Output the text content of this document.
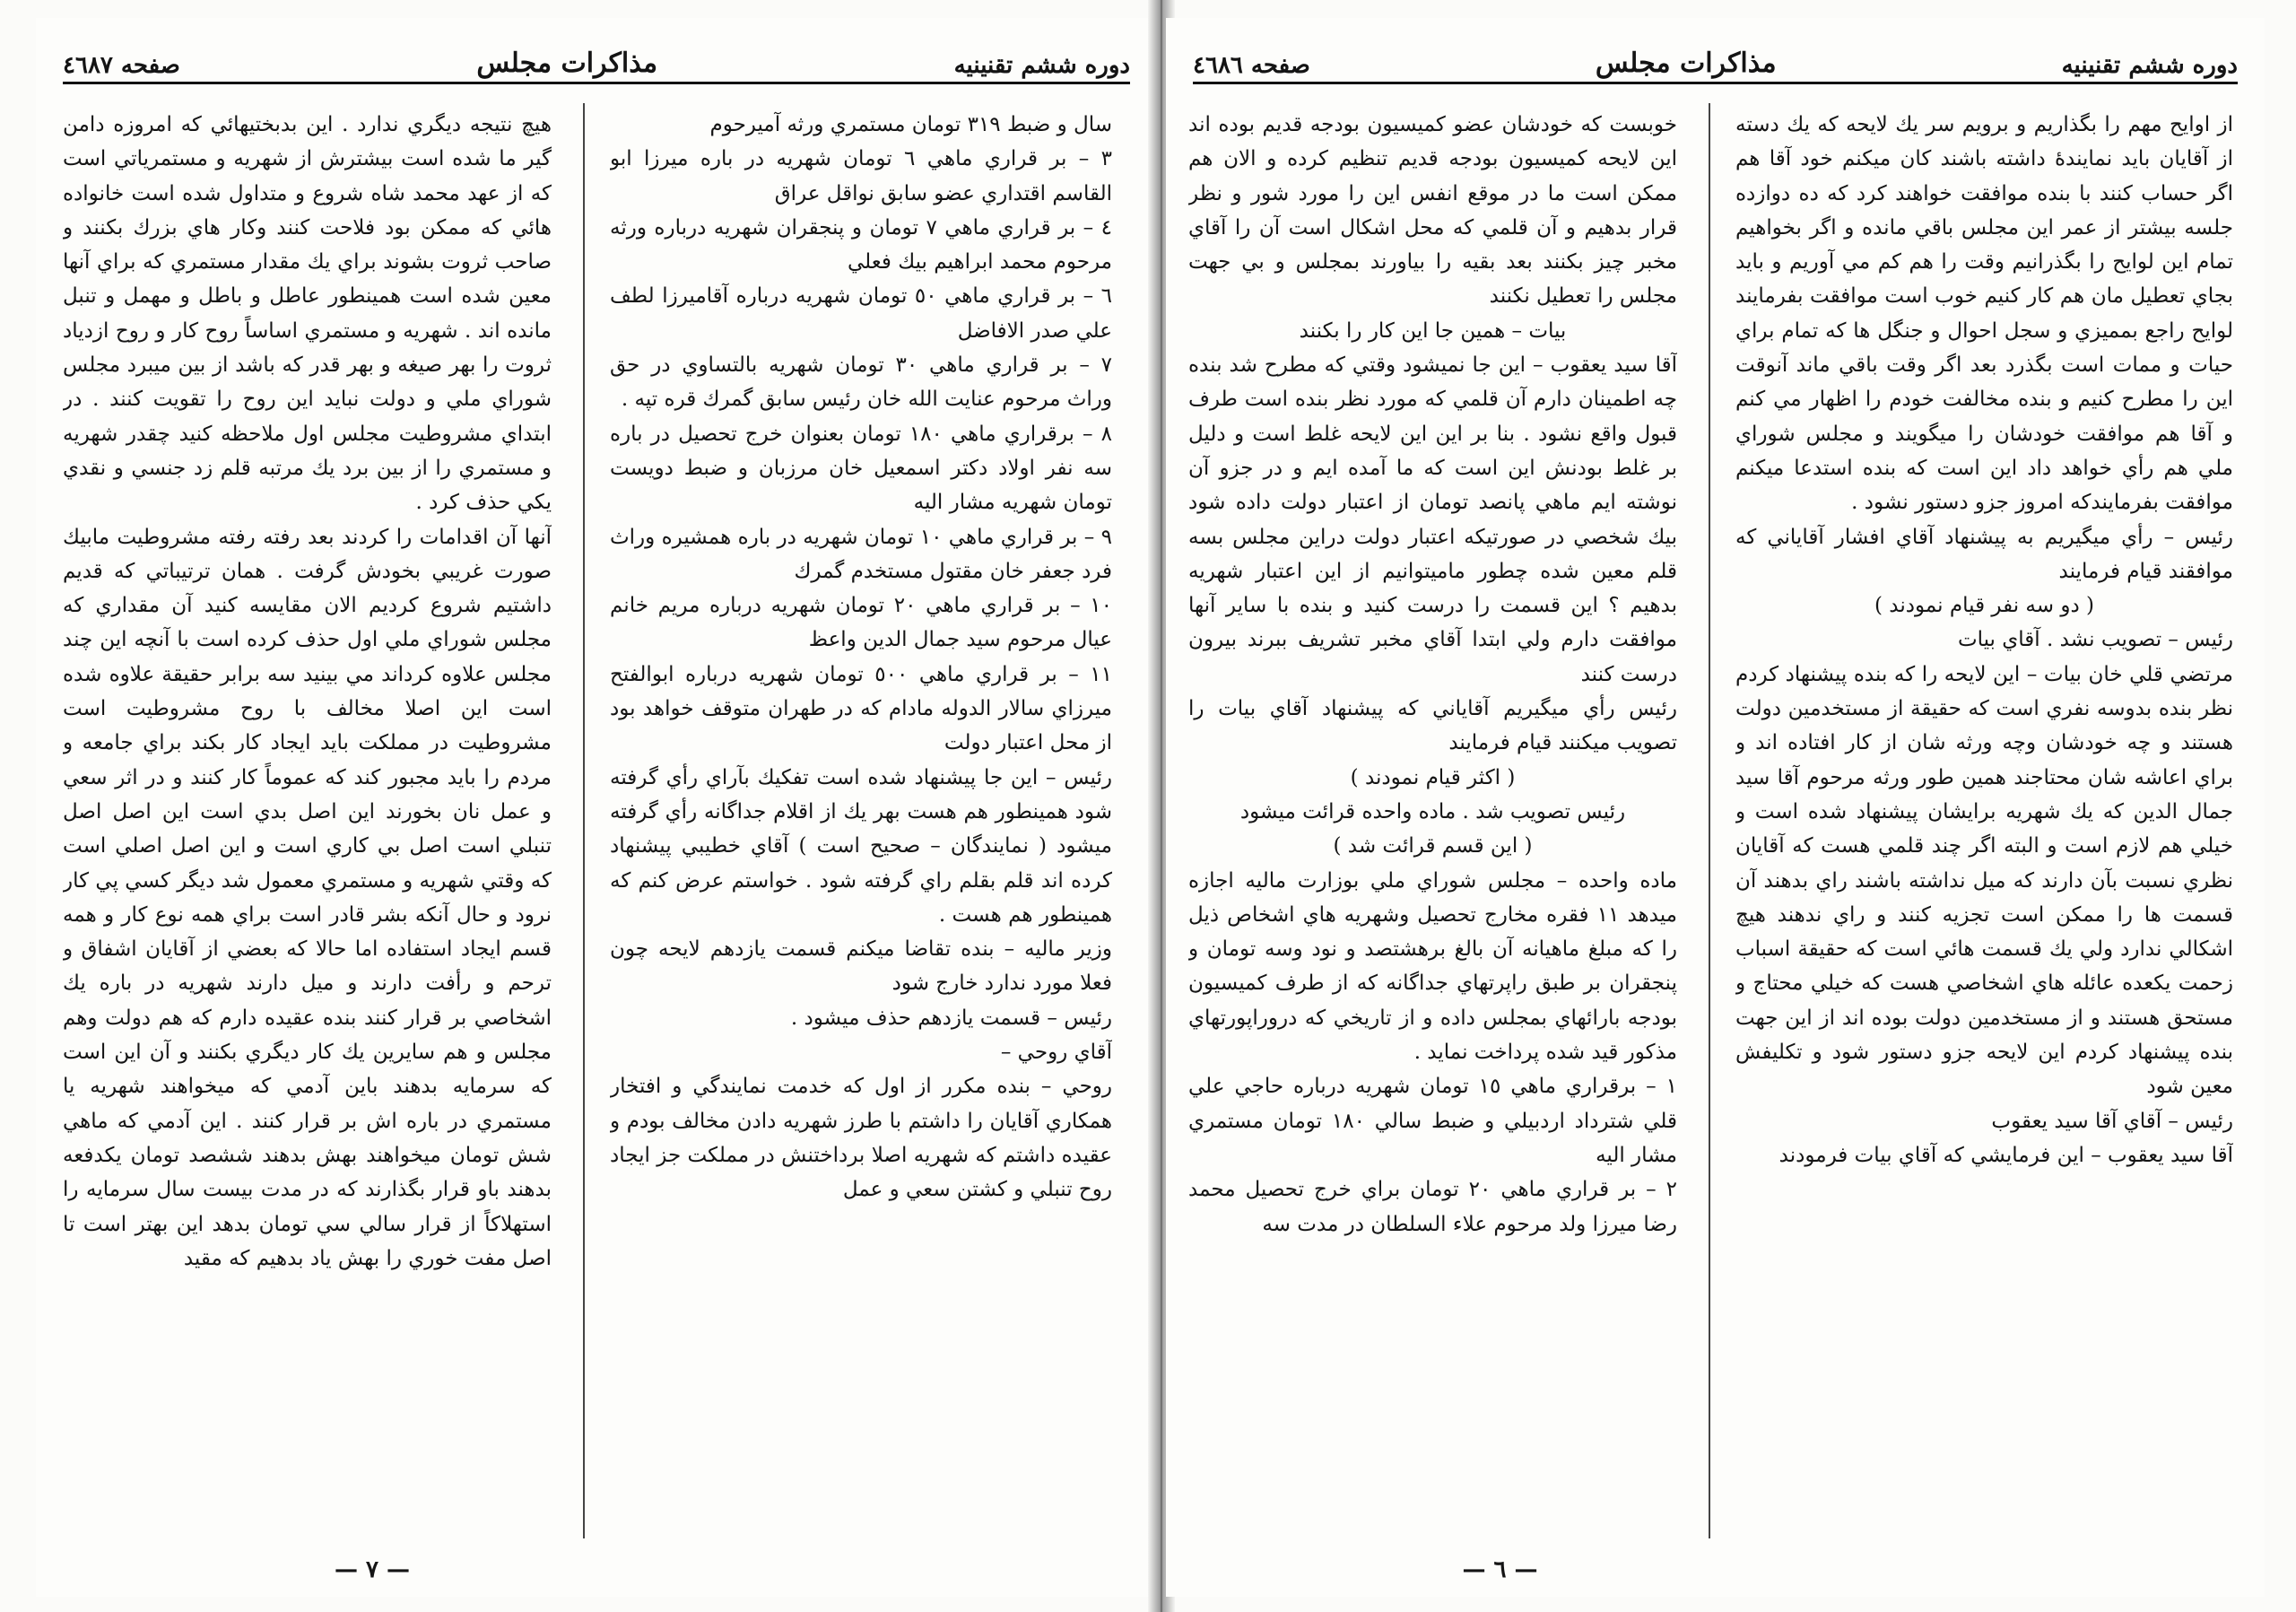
دوره ششم تقنينيه
مذاكرات مجلس
صفحه ٤٦٨٧

سال و ضبط ٣١٩ تومان مستمري ورثه آميرحوم

٣ – بر قراري ماهي ٦ تومان شهريه در باره ميرزا ابو القاسم اقتداري عضو سابق نواقل عراق

٤ – بر قراري ماهي ٧ تومان و پنجقران شهريه درباره ورثه مرحوم محمد ابراهيم بيك فعلي

٦ – بر قراري ماهي ٥٠ تومان شهريه درباره آقاميرزا لطف علي صدر الافاضل

٧ – بر قراري ماهي ٣٠ تومان شهريه بالتساوي در حق وراث مرحوم عنايت الله خان رئيس سابق گمرك قره تپه .

٨ – برقراري ماهي ١٨٠ تومان بعنوان خرج تحصيل در باره سه نفر اولاد دكتر اسمعيل خان مرزبان و ضبط دويست تومان شهريه مشار اليه

٩ – بر قراري ماهي ١٠ تومان شهريه در باره همشيره وراث فرد جعفر خان مقتول مستخدم گمرك

١٠ – بر قراري ماهي ٢٠ تومان شهريه درباره مريم خانم عيال مرحوم سيد جمال الدين واعظ

١١ – بر قراري ماهي ٥٠٠ تومان شهريه درباره ابوالفتح ميرزاي سالار الدوله مادام كه در طهران متوقف خواهد بود از محل اعتبار دولت

رئيس – اين جا پيشنهاد شده است تفكيك بآراي رأي گرفته شود همينطور هم هست بهر يك از اقلام جداگانه رأي گرفته ميشود ( نمايندگان – صحيح است ) آقاي خطيبي پيشنهاد كرده اند قلم بقلم راي گرفته شود . خواستم عرض كنم كه همينطور هم هست .

وزير ماليه – بنده تقاضا ميكنم قسمت يازدهم لايحه چون فعلا مورد ندارد خارج شود

رئيس – قسمت يازدهم حذف ميشود .

آقاي روحي –

روحي – بنده مكرر از اول كه خدمت نمايندگي و افتخار همكاري آقايان را داشتم با طرز شهريه دادن مخالف بودم و عقيده داشتم كه شهريه اصلا برداختنش در مملكت جز ايجاد روح تنبلي و كشتن سعي و عمل

هيچ نتيجه ديگري ندارد . اين بدبختيهائي كه امروزه دامن گير ما شده است بيشترش از شهريه و مستمرياتي است كه از عهد محمد شاه شروع و متداول شده است خانواده هائي كه ممكن بود فلاحت كنند وكار هاي بزرك بكنند و صاحب ثروت بشوند براي يك مقدار مستمري كه براي آنها معين شده است همينطور عاطل و باطل و مهمل و تنبل مانده اند . شهريه و مستمري اساساً روح كار و روح ازدياد ثروت را بهر صيغه و بهر قدر كه باشد از بين ميبرد مجلس شوراي ملي و دولت نبايد اين روح را تقويت كنند . در ابتداي مشروطيت مجلس اول ملاحظه كنيد چقدر شهريه و مستمري را از بين برد يك مرتبه قلم زد جنسي و نقدي يكي حذف كرد .

آنها آن اقدامات را كردند بعد رفته رفته مشروطيت مابيك صورت غريبي بخودش گرفت . همان ترتيباتي كه قديم داشتيم شروع كرديم الان مقايسه كنيد آن مقداري كه مجلس شوراي ملي اول حذف كرده است با آنچه اين چند مجلس علاوه كرداند مي بينيد سه برابر حقيقة علاوه شده است اين اصلا مخالف با روح مشروطيت است مشروطيت در مملكت بايد ايجاد كار بكند براي جامعه و مردم را بايد مجبور كند كه عموماً كار كنند و در اثر سعي و عمل نان بخورند اين اصل بدي است اين اصل اصل تنبلي است اصل بي كاري است و اين اصل اصلي است كه وقتي شهريه و مستمري معمول شد ديگر كسي پي كار نرود و حال آنكه بشر قادر است براي همه نوع كار و همه قسم ايجاد استفاده اما حالا كه بعضي از آقايان اشفاق و ترحم و رأفت دارند و ميل دارند شهريه در باره يك اشخاصي بر قرار كنند بنده عقيده دارم كه هم دولت وهم مجلس و هم سايرين يك كار ديگري بكنند و آن اين است كه سرمايه بدهند باين آدمي كه ميخواهند شهريه يا مستمري در باره اش بر قرار كنند . اين آدمي كه ماهي شش تومان ميخواهند بهش بدهند ششصد تومان يكدفعه بدهند باو قرار بگذارند كه در مدت بيست سال سرمايه را استهلاكاً از قرار سالي سي تومان بدهد اين بهتر است تا اصل مفت خوري را بهش ياد بدهيم كه مقيد

— ٧ —
دوره ششم تقنينيه
مذاكرات مجلس
صفحه ٤٦٨٦

از اوايح مهم را بگذاريم و برويم سر يك لايحه كه يك دسته از آقايان بايد نمايندهٔ داشته باشند كان ميكنم خود آقا هم اگر حساب كنند با بنده موافقت خواهند كرد كه ده دوازده جلسه بيشتر از عمر اين مجلس باقي مانده و اگر بخواهيم تمام اين لوايح را بگذرانيم وقت را هم كم مي آوريم و بايد بجاي تعطيل مان هم كار كنيم خوب است موافقت بفرمايند لوايح راجع بمميزي و سجل احوال و جنگل ها كه تمام براي حيات و ممات است بگذرد بعد اگر وقت باقي ماند آنوقت اين را مطرح كنيم و بنده مخالفت خودم را اظهار مي كنم و آقا هم موافقت خودشان را ميگويند و مجلس شوراي ملي هم رأي خواهد داد اين است كه بنده استدعا ميكنم موافقت بفرمايندكه امروز جزو دستور نشود .

رئيس – رأي ميگيريم به پيشنهاد آقاي افشار آقاياني كه موافقند قيام فرمايند

( دو سه نفر قيام نمودند )

رئيس – تصويب نشد . آقاي بيات

مرتضي قلي خان بيات – اين لايحه را كه بنده پيشنهاد كردم نظر بنده بدوسه نفري است كه حقيقة از مستخدمين دولت هستند و چه خودشان وچه ورثه شان از كار افتاده اند و براي اعاشه شان محتاجند همين طور ورثه مرحوم آقا سيد جمال الدين كه يك شهريه برايشان پيشنهاد شده است و خيلي هم لازم است و البته اگر چند قلمي هست كه آقايان نظري نسبت بآن دارند كه ميل نداشته باشند راي بدهند آن قسمت ها را ممكن است تجزيه كنند و راي ندهند هيچ اشكالي ندارد ولي يك قسمت هائي است كه حقيقة اسباب زحمت يكعده عائله هاي اشخاصي هست كه خيلي محتاج و مستحق هستند و از مستخدمين دولت بوده اند از اين جهت بنده پيشنهاد كردم اين لايحه جزو دستور شود و تكليفش معين شود

رئيس – آقاي آقا سيد يعقوب

آقا سيد يعقوب – اين فرمايشي كه آقاي بيات فرمودند

خوبست كه خودشان عضو كميسيون بودجه قديم بوده اند اين لايحه كميسيون بودجه قديم تنظيم كرده و الان هم ممكن است ما در موقع انفس اين را مورد شور و نظر قرار بدهيم و آن قلمي كه محل اشكال است آن را آقاي مخبر چيز بكنند بعد بقيه را بياورند بمجلس و بي جهت مجلس را تعطيل نكنند

بيات – همين جا اين كار را بكنند

آقا سيد يعقوب – اين جا نميشود وقتي كه مطرح شد بنده چه اطمينان دارم آن قلمي كه مورد نظر بنده است طرف قبول واقع نشود . بنا بر اين اين لايحه غلط است و دليل بر غلط بودنش اين است كه ما آمده ايم و در جزو آن نوشته ايم ماهي پانصد تومان از اعتبار دولت داده شود بيك شخصي در صورتيكه اعتبار دولت دراين مجلس بسه قلم معين شده چطور ماميتوانيم از اين اعتبار شهريه بدهيم ؟ اين قسمت را درست كنيد و بنده با ساير آنها موافقت دارم ولي ابتدا آقاي مخبر تشريف ببرند بيرون درست كنند

رئيس رأي ميگيريم آقاياني كه پيشنهاد آقاي بيات را تصويب ميكنند قيام فرمايند

( اكثر قيام نمودند )

رئيس تصويب شد . ماده واحده قرائت ميشود

( اين قسم قرائت شد )

ماده واحده – مجلس شوراي ملي بوزارت ماليه اجازه ميدهد ١١ فقره مخارج تحصيل وشهريه هاي اشخاص ذيل را كه مبلغ ماهيانه آن بالغ برهشتصد و نود وسه تومان و پنجقران بر طبق راپرتهاي جداگانه كه از طرف كميسيون بودجه بارائهاي بمجلس داده و از تاريخي كه دروراپورتهاي مذكور قيد شده پرداخت نمايد .

١ – برقراري ماهي ١٥ تومان شهريه درباره حاجي علي قلي شترداد اردبيلي و ضبط سالي ١٨٠ تومان مستمري مشار اليه

٢ – بر قراري ماهي ٢٠ تومان براي خرج تحصيل محمد رضا ميرزا ولد مرحوم علاء السلطان در مدت سه

— ٦ —
